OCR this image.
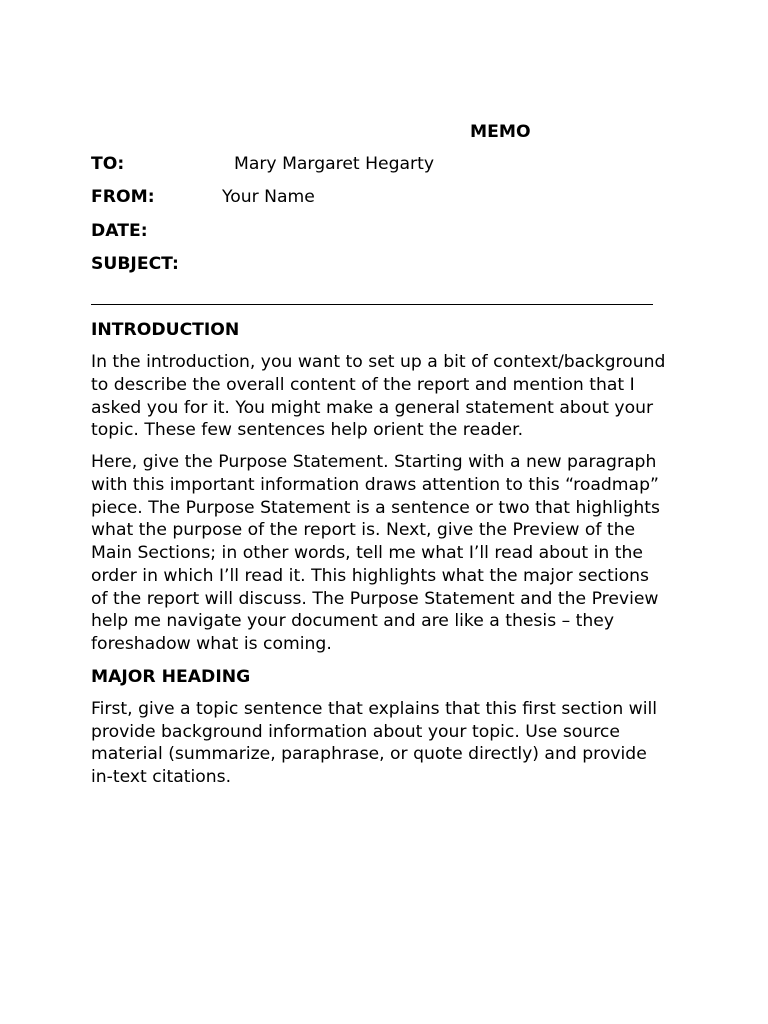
MEMO
TO:	Mary Margaret Hegarty
FROM:	Your Name
DATE:
SUBJECT:
INTRODUCTION

In the introduction, you want to set up a bit of context/background
to describe the overall content of the report and mention that I
asked you for it. You might make a general statement about your
topic. These few sentences help orient the reader.

Here, give the Purpose Statement. Starting with a new paragraph
with this important information draws attention to this “roadmap”
piece. The Purpose Statement is a sentence or two that highlights
what the purpose of the report is. Next, give the Preview of the
Main Sections; in other words, tell me what I’ll read about in the
order in which I’ll read it. This highlights what the major sections
of the report will discuss. The Purpose Statement and the Preview
help me navigate your document and are like a thesis – they
foreshadow what is coming.

MAJOR HEADING

First, give a topic sentence that explains that this first section will
provide background information about your topic. Use source
material (summarize, paraphrase, or quote directly) and provide
in-text citations.
